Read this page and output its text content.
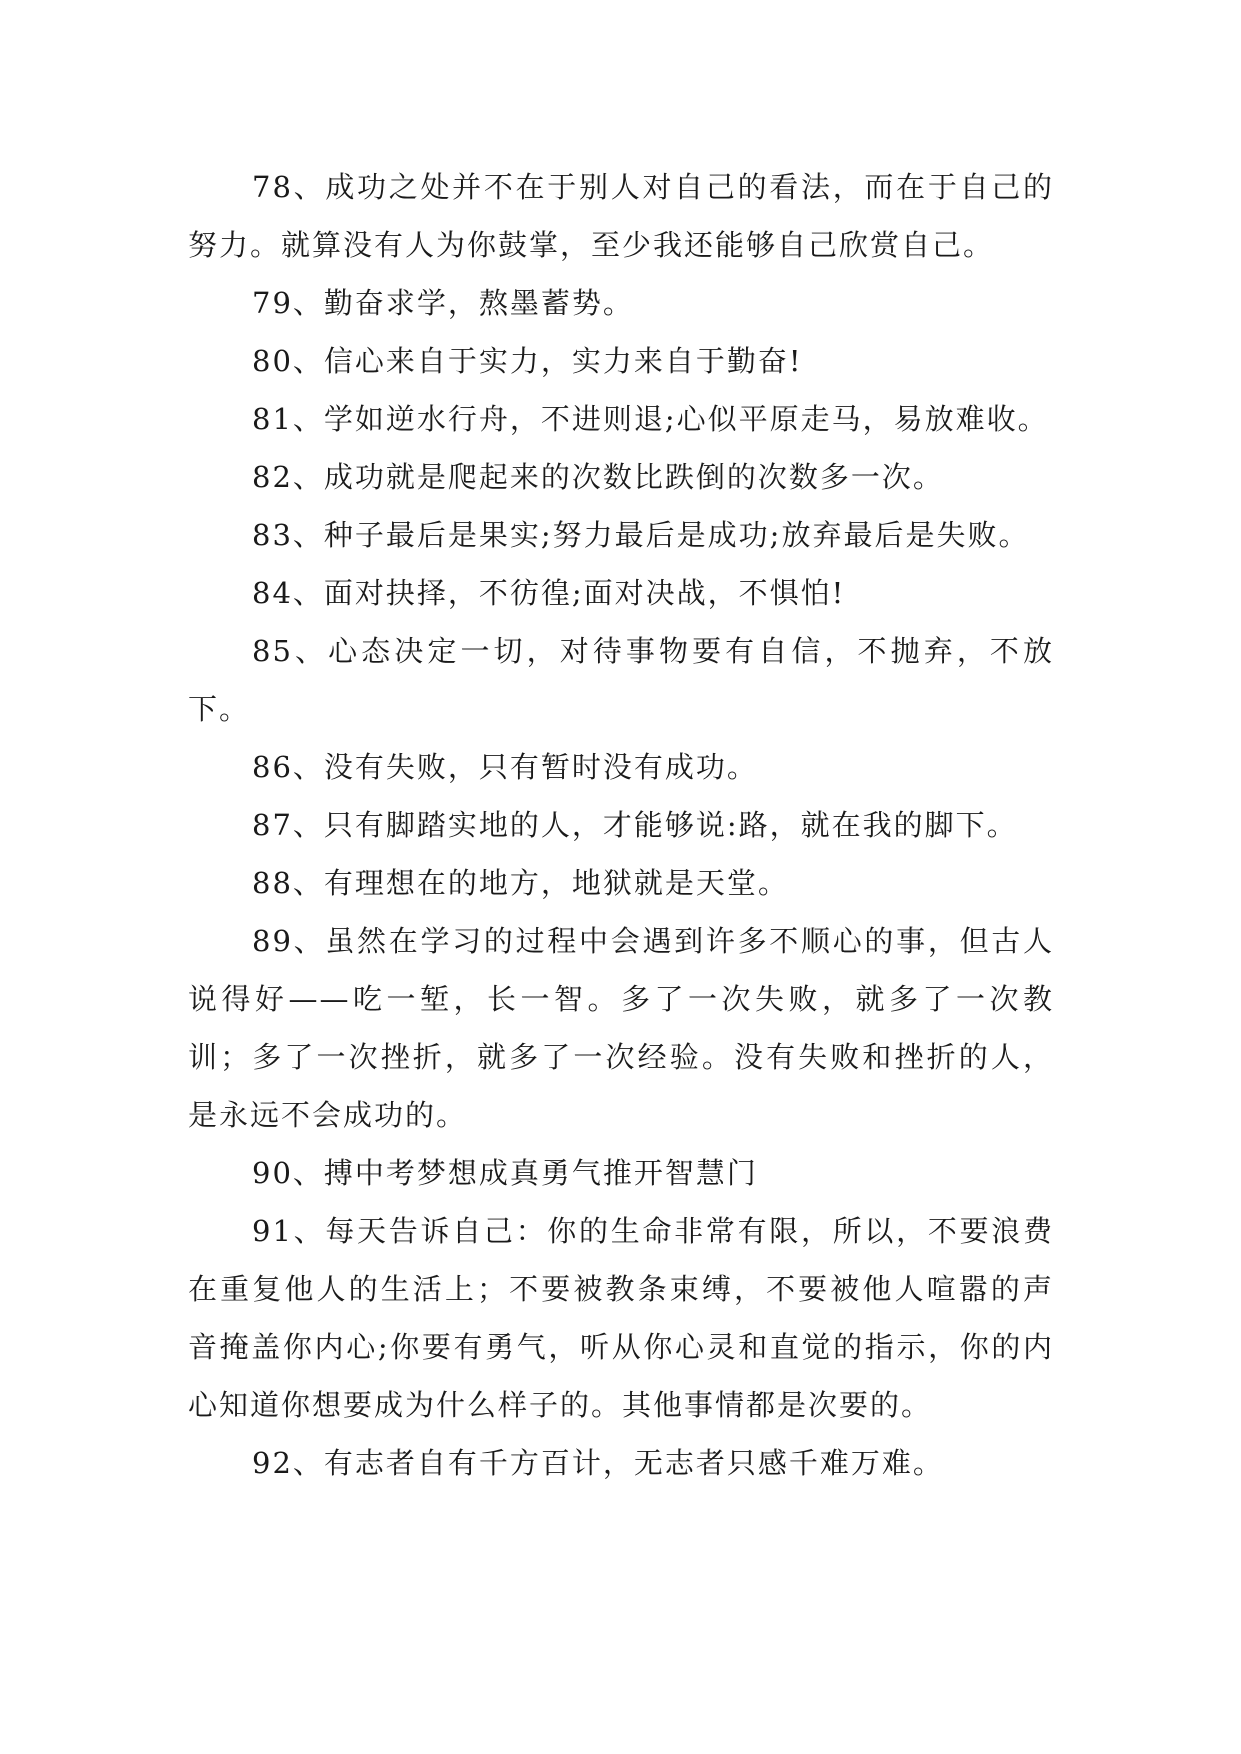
78、成功之处并不在于别人对自己的看法，而在于自己的努力。就算没有人为你鼓掌，至少我还能够自己欣赏自己。

79、勤奋求学，熬墨蓄势。

80、信心来自于实力，实力来自于勤奋!

81、学如逆水行舟，不进则退;心似平原走马，易放难收。

82、成功就是爬起来的次数比跌倒的次数多一次。

83、种子最后是果实;努力最后是成功;放弃最后是失败。

84、面对抉择，不彷徨;面对决战，不惧怕!

85、心态决定一切，对待事物要有自信，不抛弃，不放下。

86、没有失败，只有暂时没有成功。

87、只有脚踏实地的人，才能够说:路，就在我的脚下。

88、有理想在的地方，地狱就是天堂。

89、虽然在学习的过程中会遇到许多不顺心的事，但古人说得好——吃一堑，长一智。多了一次失败，就多了一次教训；多了一次挫折，就多了一次经验。没有失败和挫折的人，是永远不会成功的。

90、搏中考梦想成真勇气推开智慧门

91、每天告诉自己：你的生命非常有限，所以，不要浪费在重复他人的生活上；不要被教条束缚，不要被他人喧嚣的声音掩盖你内心;你要有勇气，听从你心灵和直觉的指示，你的内心知道你想要成为什么样子的。其他事情都是次要的。

92、有志者自有千方百计，无志者只感千难万难。
